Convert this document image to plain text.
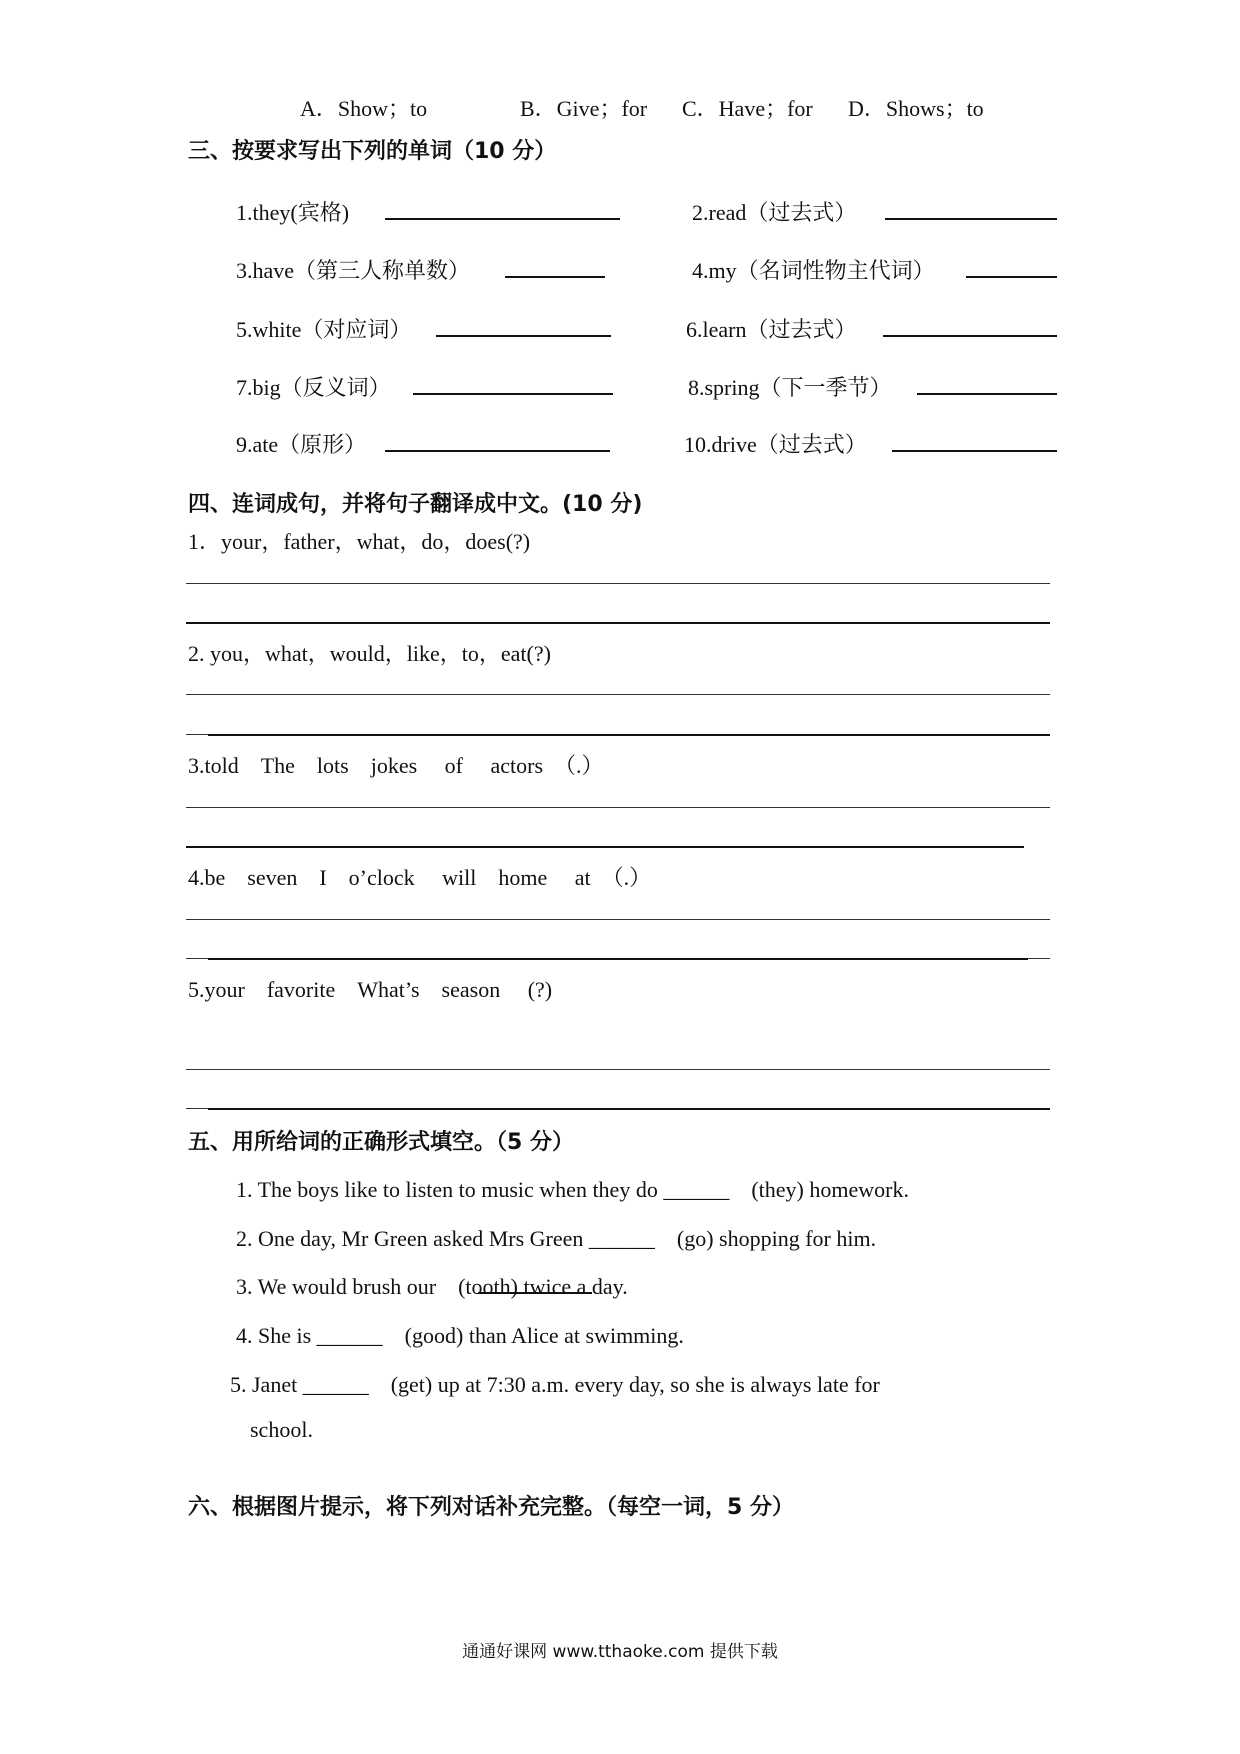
A．Show；to	B．Give；for C．Have；for D．Shows；to
三、按要求写出下列的单词（10 分）
1.they(宾格)	2.read（过去式）
3.have（第三人称单数）	4.my（名词性物主代词）
5.white（对应词）	6.learn（过去式）
7.big（反义词）	8.spring（下一季节）
9.ate（原形）	10.drive（过去式）
四、连词成句，并将句子翻译成中文。(10 分)
1．your，father，what，do，does(?)
2. you，what，would，like，to，eat(?)
3.told　The　lots　jokes　 of　 actors　（.）
4.be　seven　I　o’clock　 will　home　 at　（.）
5.your　favorite　What’s　season　 (?)
五、用所给词的正确形式填空。（5 分）
1. The boys like to listen to music when they do ______　(they) homework.
2. One day, Mr Green asked Mrs Green ______　(go) shopping for him.
3. We would brush our　(tooth) twice a day.
4. She is ______　(good) than Alice at swimming.
5. Janet ______　(get) up at 7:30 a.m. every day, so she is always late for
school.
六、根据图片提示，将下列对话补充完整。（每空一词，5 分）
通通好课网 www.tthaoke.com 提供下载
